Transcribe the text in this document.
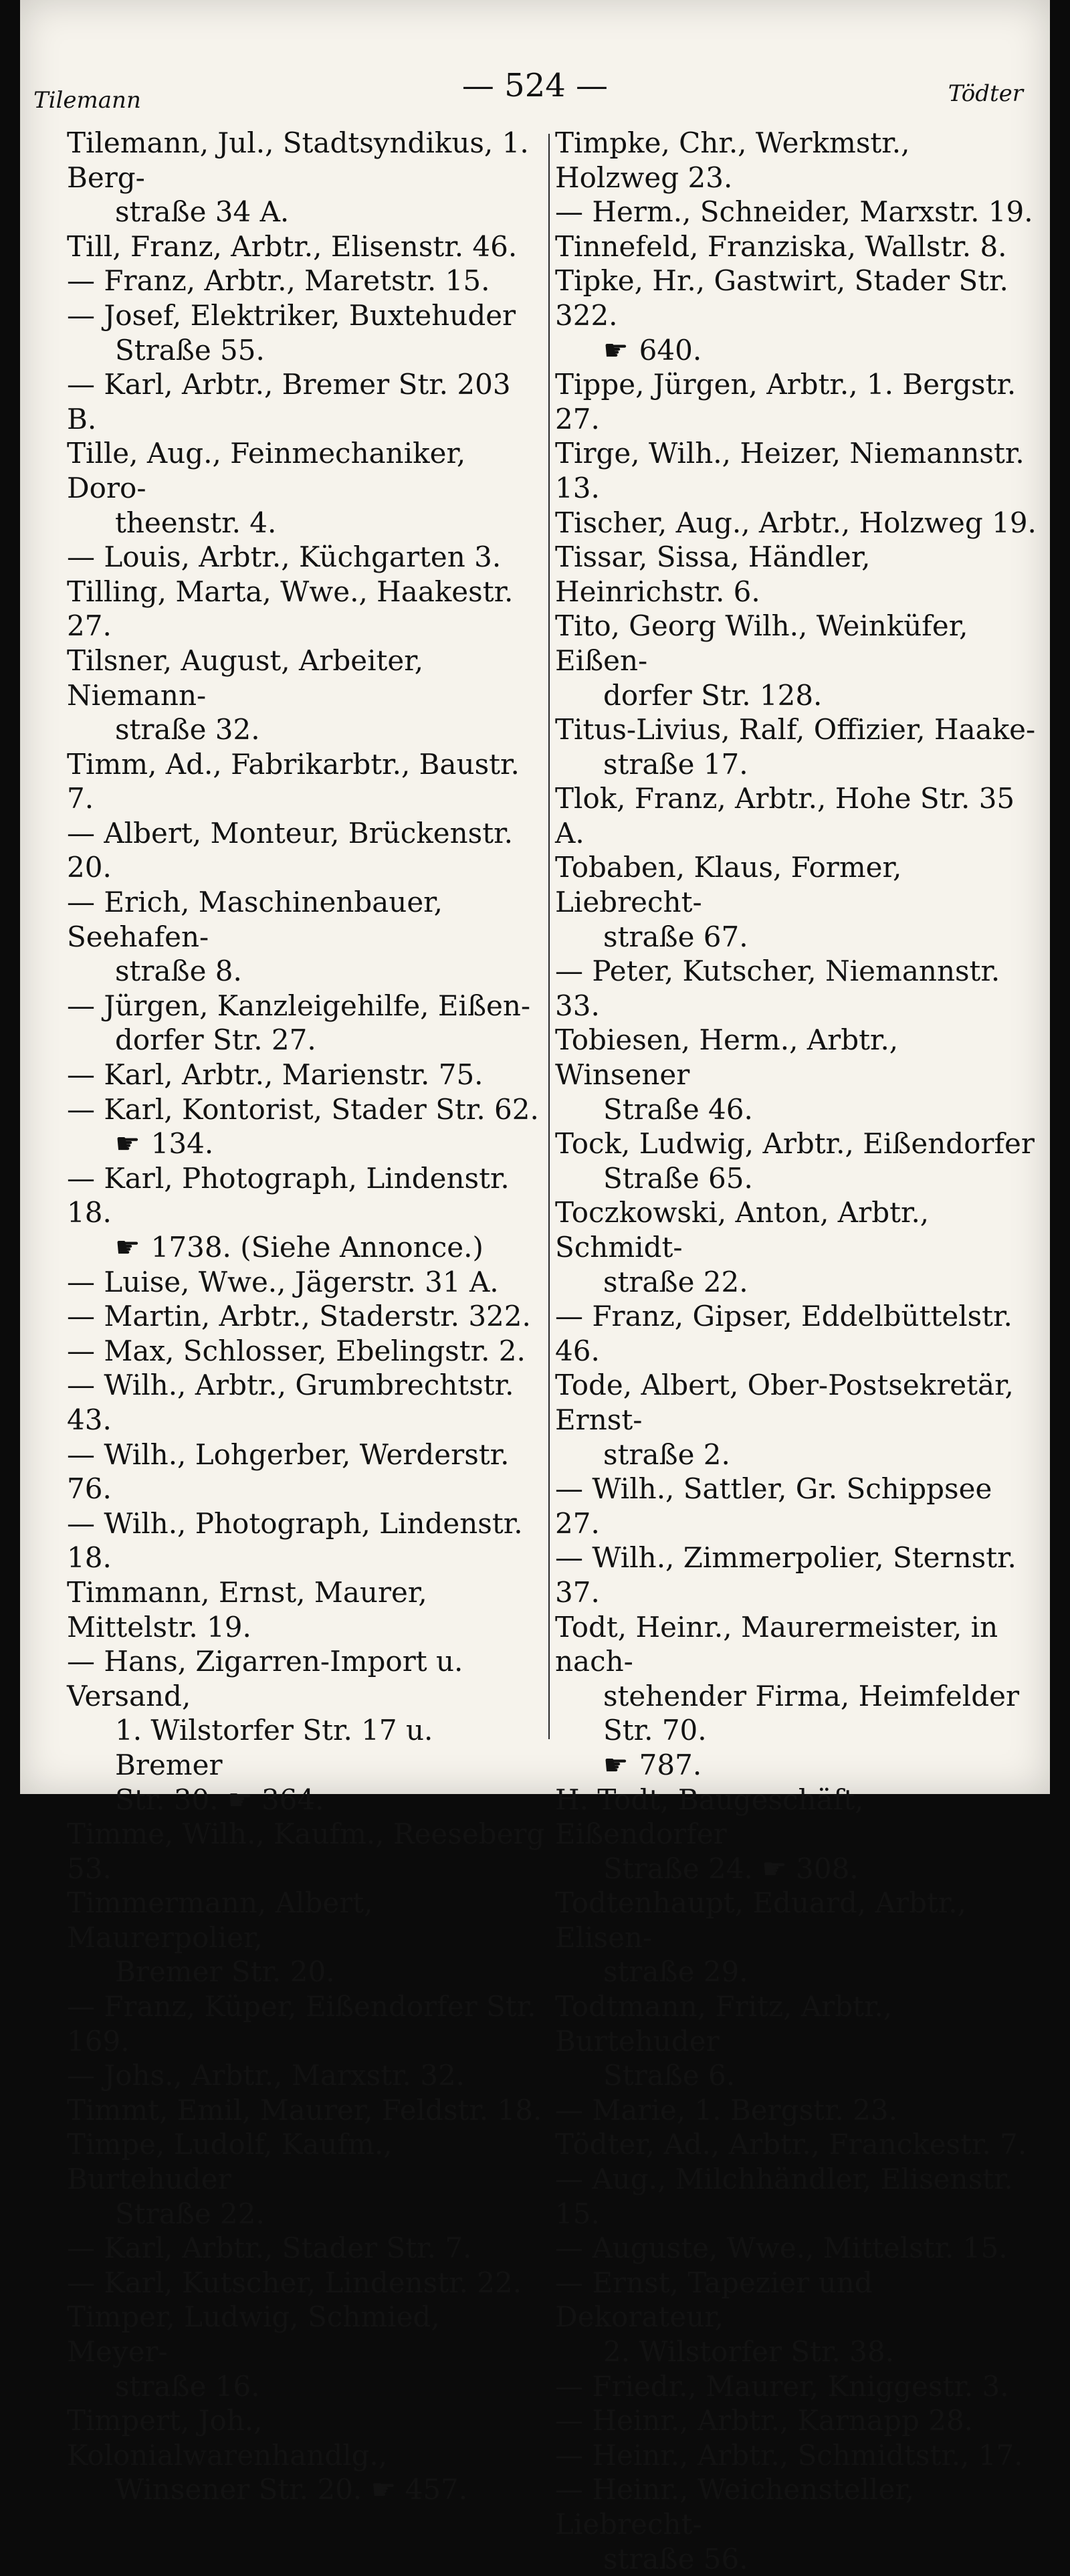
Tilemann	— 524 —	Tödter
Tilemann, Jul., Stadtsyndikus, 1. Berg-
straße 34 A.
Till, Franz, Arbtr., Elisenstr. 46.
— Franz, Arbtr., Maretstr. 15.
— Josef, Elektriker, Buxtehuder
Straße 55.
— Karl, Arbtr., Bremer Str. 203 B.
Tille, Aug., Feinmechaniker, Doro-
theenstr. 4.
— Louis, Arbtr., Küchgarten 3.
Tilling, Marta, Wwe., Haakestr. 27.
Tilsner, August, Arbeiter, Niemann-
straße 32.
Timm, Ad., Fabrikarbtr., Baustr. 7.
— Albert, Monteur, Brückenstr. 20.
— Erich, Maschinenbauer, Seehafen-
straße 8.
— Jürgen, Kanzleigehilfe, Eißen-
dorfer Str. 27.
— Karl, Arbtr., Marienstr. 75.
— Karl, Kontorist, Stader Str. 62.
☛ 134.
— Karl, Photograph, Lindenstr. 18.
☛ 1738. (Siehe Annonce.)
— Luise, Wwe., Jägerstr. 31 A.
— Martin, Arbtr., Staderstr. 322.
— Max, Schlosser, Ebelingstr. 2.
— Wilh., Arbtr., Grumbrechtstr. 43.
— Wilh., Lohgerber, Werderstr. 76.
— Wilh., Photograph, Lindenstr. 18.
Timmann, Ernst, Maurer, Mittelstr. 19.
— Hans, Zigarren-Import u. Versand,
1. Wilstorfer Str. 17 u. Bremer
Str. 30. ☛ 364.
Timme, Wilh., Kaufm., Reeseberg 53.
Timmermann, Albert, Maurerpolier,
Bremer Str. 20.
— Franz, Küper, Eißendorfer Str. 169.
— Johs., Arbtr., Marxstr. 32.
Timmt, Emil, Maurer, Feldstr. 18.
Timpe, Ludolf, Kaufm., Burtehuder
Straße 22.
— Karl, Arbtr., Stader Str. 7.
— Karl, Kutscher, Lindenstr. 22.
Timper, Ludwig, Schmied, Meyer-
straße 16.
Timpert, Joh., Kolonialwarenhandlg.,
Winsener Str. 20. ☛ 457.
Timpke, Chr., Werkmstr., Holzweg 23.
— Herm., Schneider, Marxstr. 19.
Tinnefeld, Franziska, Wallstr. 8.
Tipke, Hr., Gastwirt, Stader Str. 322.
☛ 640.
Tippe, Jürgen, Arbtr., 1. Bergstr. 27.
Tirge, Wilh., Heizer, Niemannstr. 13.
Tischer, Aug., Arbtr., Holzweg 19.
Tissar, Sissa, Händler, Heinrichstr. 6.
Tito, Georg Wilh., Weinküfer, Eißen-
dorfer Str. 128.
Titus-Livius, Ralf, Offizier, Haake-
straße 17.
Tlok, Franz, Arbtr., Hohe Str. 35 A.
Tobaben, Klaus, Former, Liebrecht-
straße 67.
— Peter, Kutscher, Niemannstr. 33.
Tobiesen, Herm., Arbtr., Winsener
Straße 46.
Tock, Ludwig, Arbtr., Eißendorfer
Straße 65.
Toczkowski, Anton, Arbtr., Schmidt-
straße 22.
— Franz, Gipser, Eddelbüttelstr. 46.
Tode, Albert, Ober-Postsekretär, Ernst-
straße 2.
— Wilh., Sattler, Gr. Schippsee 27.
— Wilh., Zimmerpolier, Sternstr. 37.
Todt, Heinr., Maurermeister, in nach-
stehender Firma, Heimfelder Str. 70.
☛ 787.
H. Todt, Baugeschäft, Eißendorfer
Straße 24. ☛ 308.
Todtenhaupt, Eduard, Arbtr., Elisen-
straße 29.
Todtmann, Fritz, Arbtr., Burtehuder
Straße 6.
— Marie, 1. Bergstr. 23.
Tödter, Ad., Arbtr., Franckestr. 7.
— Aug., Milchhändler, Elisenstr. 15.
— Auguste, Wwe., Mittelstr. 15.
— Ernst, Tapezier und Dekorateur,
2. Wilstorfer Str. 38.
— Friedr., Maurer, Kniggestr. 3.
— Heinr., Arbtr., Karnapp 28.
— Heinr., Arbtr., Schmidtstr., 17.
— Heinr., Weichensteller, Liebrecht-
straße 56.
